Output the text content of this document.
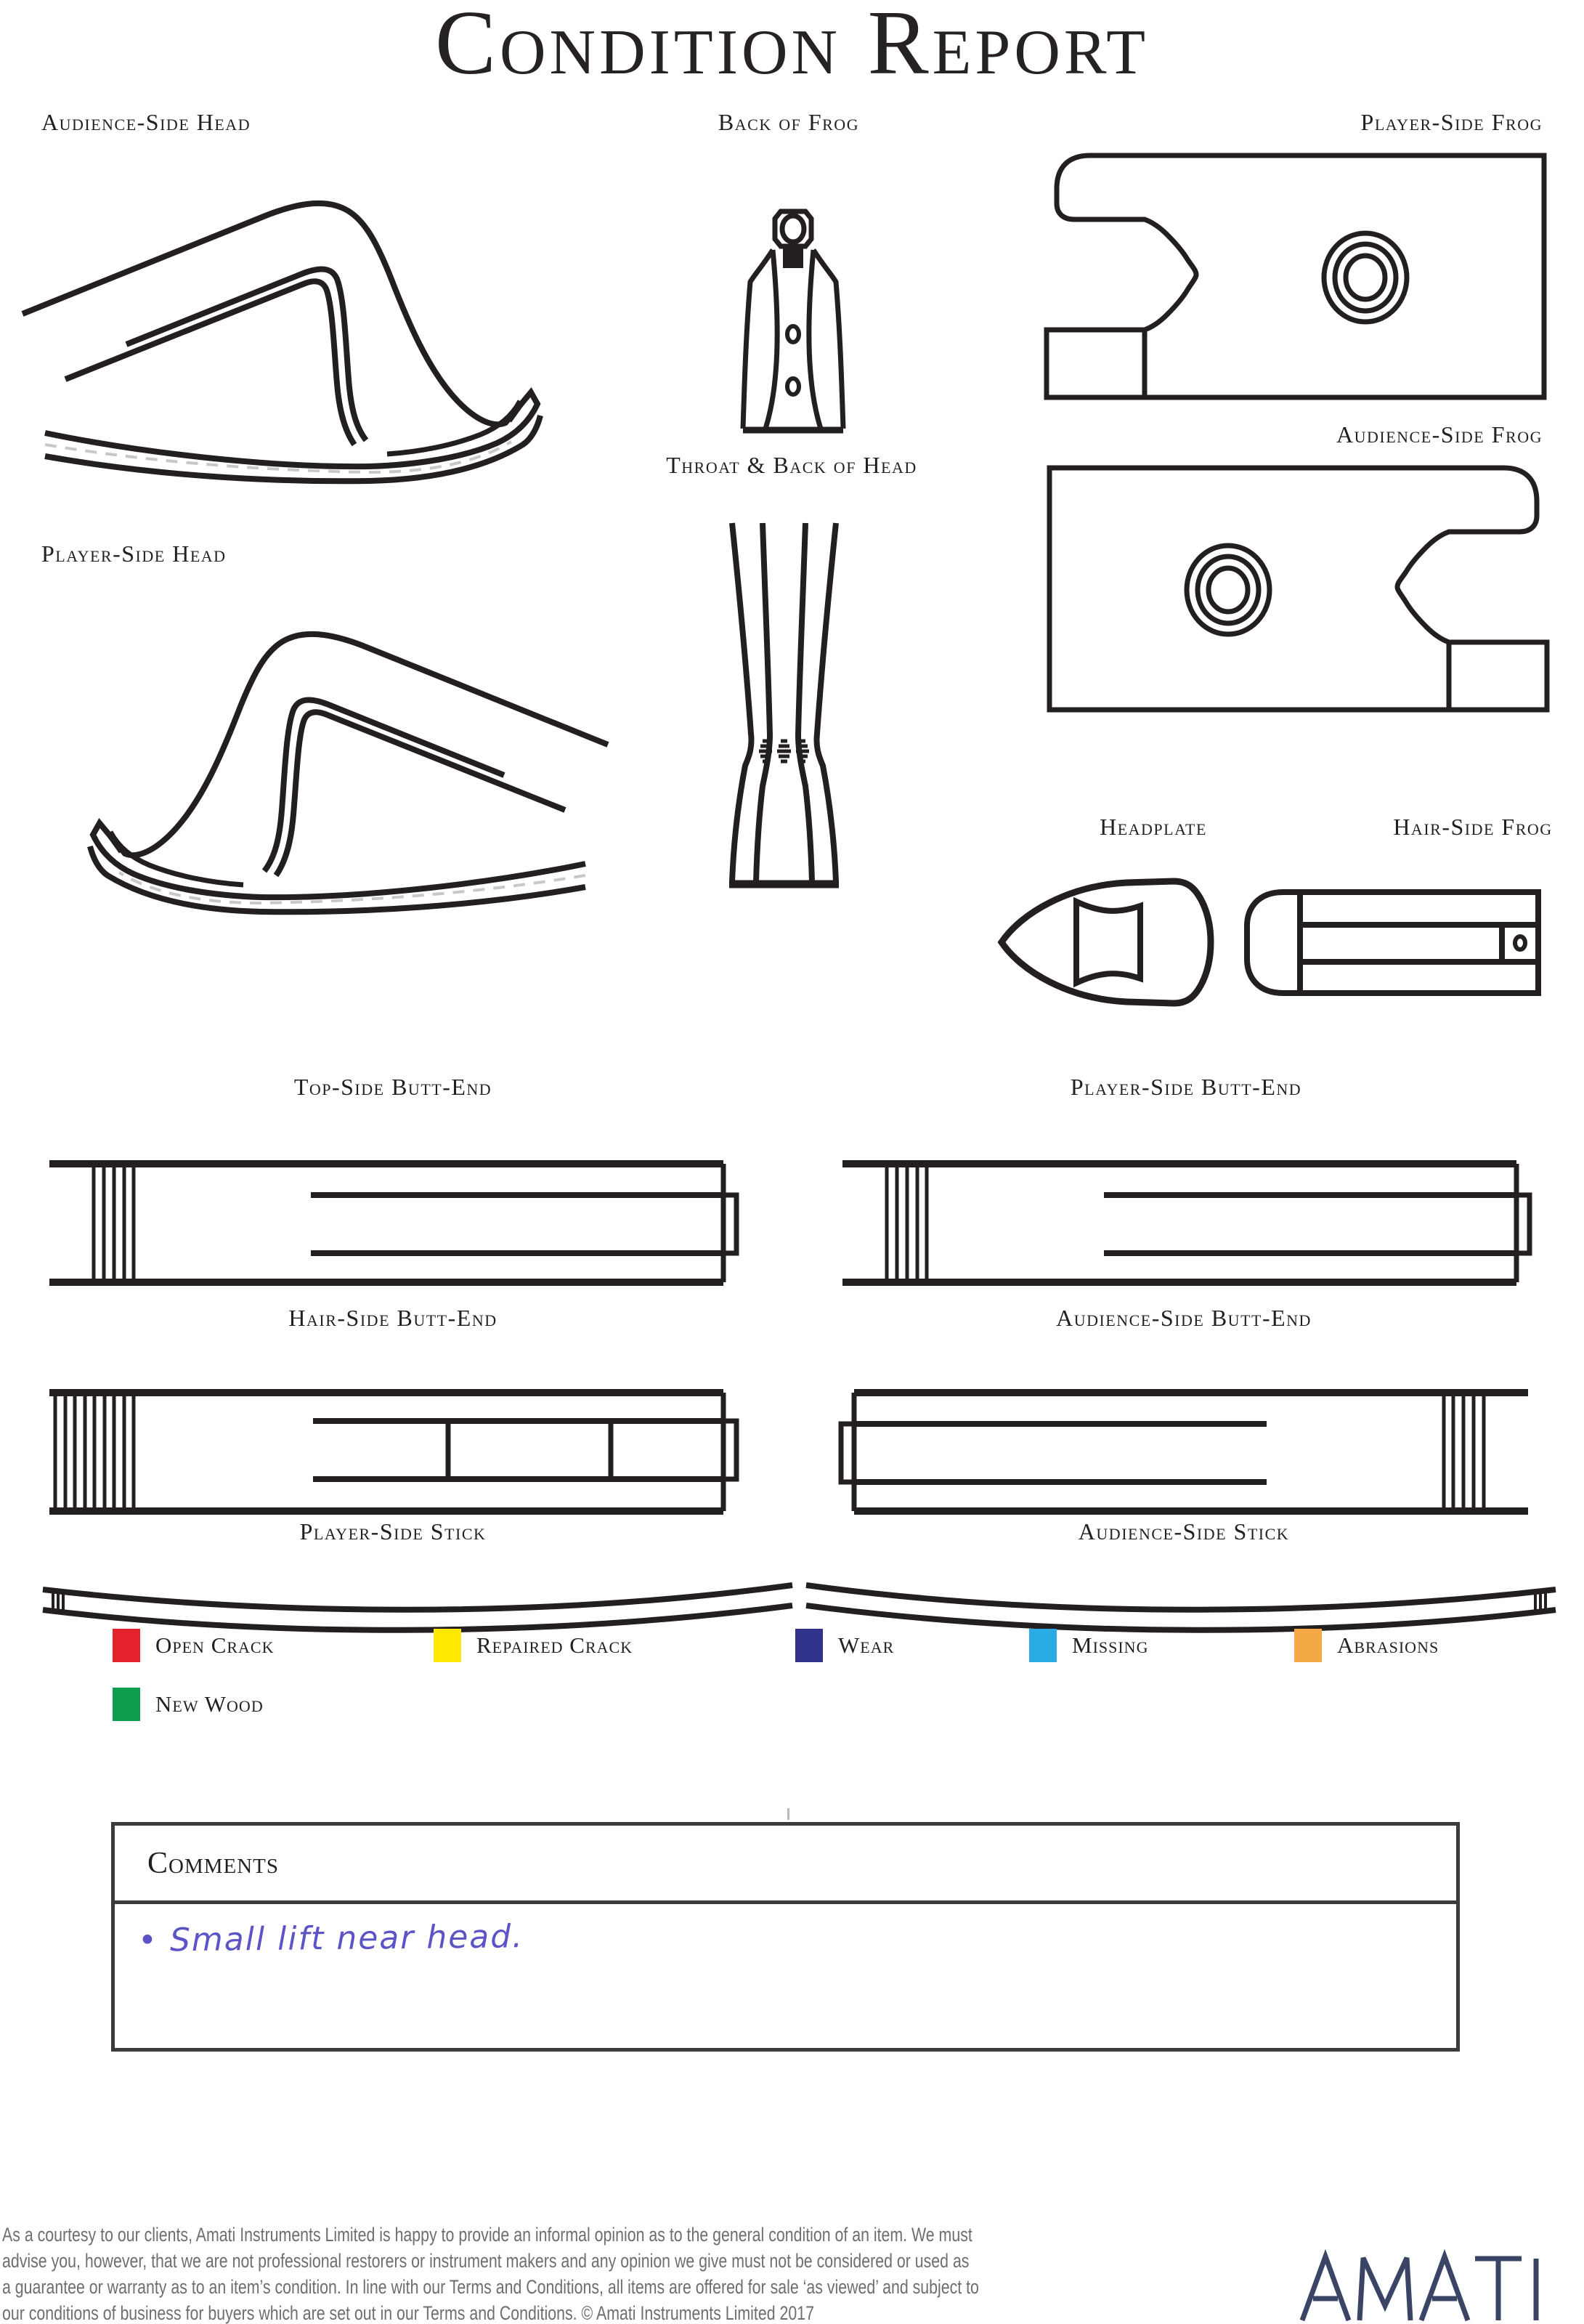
Condition Report
Audience-Side Head	Back of Frog	Player-Side Frog
Audience-Side Frog
Player-Side Head
Throat & Back of Head
Headplate	Hair-Side Frog
Top-Side Butt-End	Player-Side Butt-End
Hair-Side Butt-End	Audience-Side Butt-End
Player-Side Stick	Audience-Side Stick
Open Crack	Repaired Crack	Wear	Missing	Abrasions
New Wood
Comments
• Small lift near head.
As a courtesy to our clients, Amati Instruments Limited is happy to provide an informal opinion as to the general condition of an item. We must
advise you, however, that we are not professional restorers or instrument makers and any opinion we give must not be considered or used as
a guarantee or warranty as to an item’s condition. In line with our Terms and Conditions, all items are offered for sale ‘as viewed’ and subject to
our conditions of business for buyers which are set out in our Terms and Conditions. © Amati Instruments Limited 2017
